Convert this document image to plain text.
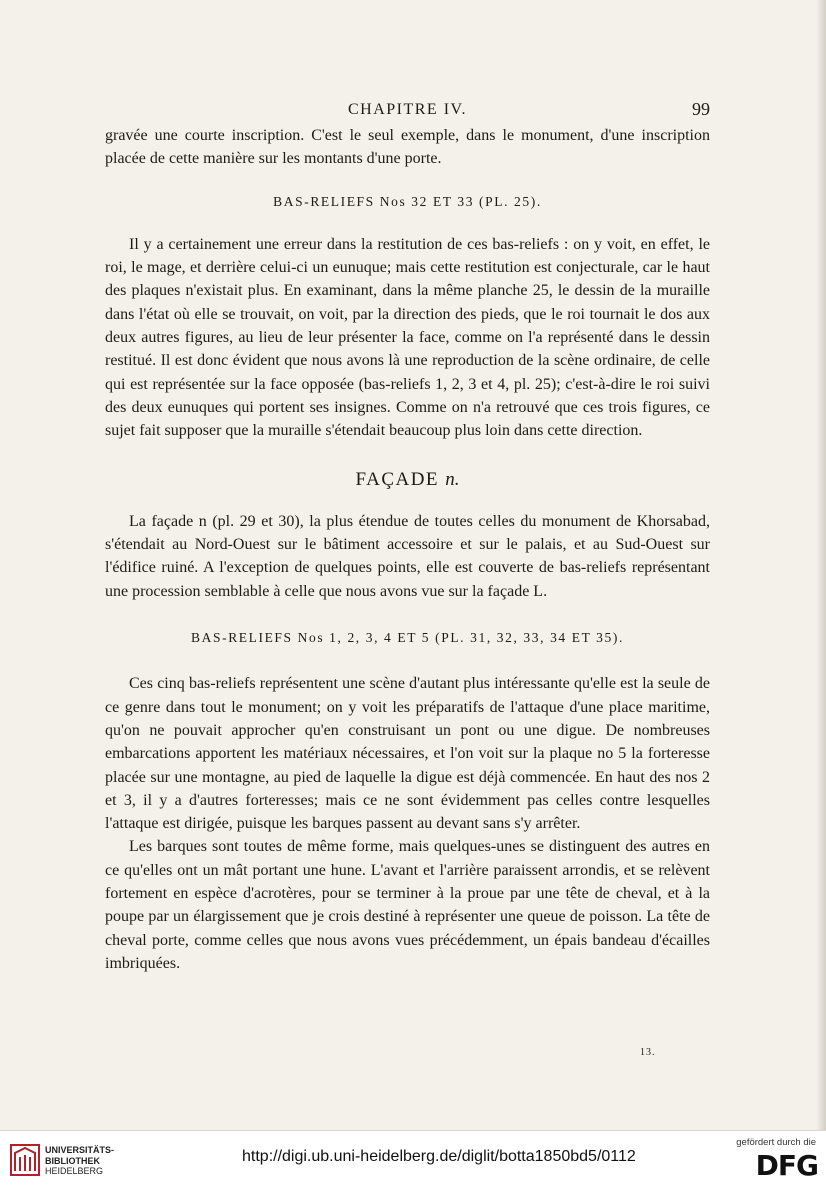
CHAPITRE IV.	99

gravée une courte inscription. C'est le seul exemple, dans le monument, d'une inscription placée de cette manière sur les montants d'une porte.

BAS-RELIEFS Nos 32 ET 33 (PL. 25).

Il y a certainement une erreur dans la restitution de ces bas-reliefs : on y voit, en effet, le roi, le mage, et derrière celui-ci un eunuque; mais cette restitution est conjecturale, car le haut des plaques n'existait plus. En examinant, dans la même planche 25, le dessin de la muraille dans l'état où elle se trouvait, on voit, par la direction des pieds, que le roi tournait le dos aux deux autres figures, au lieu de leur présenter la face, comme on l'a représenté dans le dessin restitué. Il est donc évident que nous avons là une reproduction de la scène ordinaire, de celle qui est représentée sur la face opposée (bas-reliefs 1, 2, 3 et 4, pl. 25); c'est-à-dire le roi suivi des deux eunuques qui portent ses insignes. Comme on n'a retrouvé que ces trois figures, ce sujet fait supposer que la muraille s'étendait beaucoup plus loin dans cette direction.

FAÇADE n.

La façade n (pl. 29 et 30), la plus étendue de toutes celles du monument de Khorsabad, s'étendait au Nord-Ouest sur le bâtiment accessoire et sur le palais, et au Sud-Ouest sur l'édifice ruiné. A l'exception de quelques points, elle est couverte de bas-reliefs représentant une procession semblable à celle que nous avons vue sur la façade L.

BAS-RELIEFS Nos 1, 2, 3, 4 ET 5 (PL. 31, 32, 33, 34 ET 35).

Ces cinq bas-reliefs représentent une scène d'autant plus intéressante qu'elle est la seule de ce genre dans tout le monument; on y voit les préparatifs de l'attaque d'une place maritime, qu'on ne pouvait approcher qu'en construisant un pont ou une digue. De nombreuses embarcations apportent les matériaux nécessaires, et l'on voit sur la plaque no 5 la forteresse placée sur une montagne, au pied de laquelle la digue est déjà commencée. En haut des nos 2 et 3, il y a d'autres forteresses; mais ce ne sont évidemment pas celles contre lesquelles l'attaque est dirigée, puisque les barques passent au devant sans s'y arrêter.

Les barques sont toutes de même forme, mais quelques-unes se distinguent des autres en ce qu'elles ont un mât portant une hune. L'avant et l'arrière paraissent arrondis, et se relèvent fortement en espèce d'acrotères, pour se terminer à la proue par une tête de cheval, et à la poupe par un élargissement que je crois destiné à représenter une queue de poisson. La tête de cheval porte, comme celles que nous avons vues précédemment, un épais bandeau d'écailles imbriquées.

13.
UNIVERSITÄTS-
BIBLIOTHEK
HEIDELBERG
http://digi.ub.uni-heidelberg.de/diglit/botta1850bd5/0112
gefördert durch die
DFG
